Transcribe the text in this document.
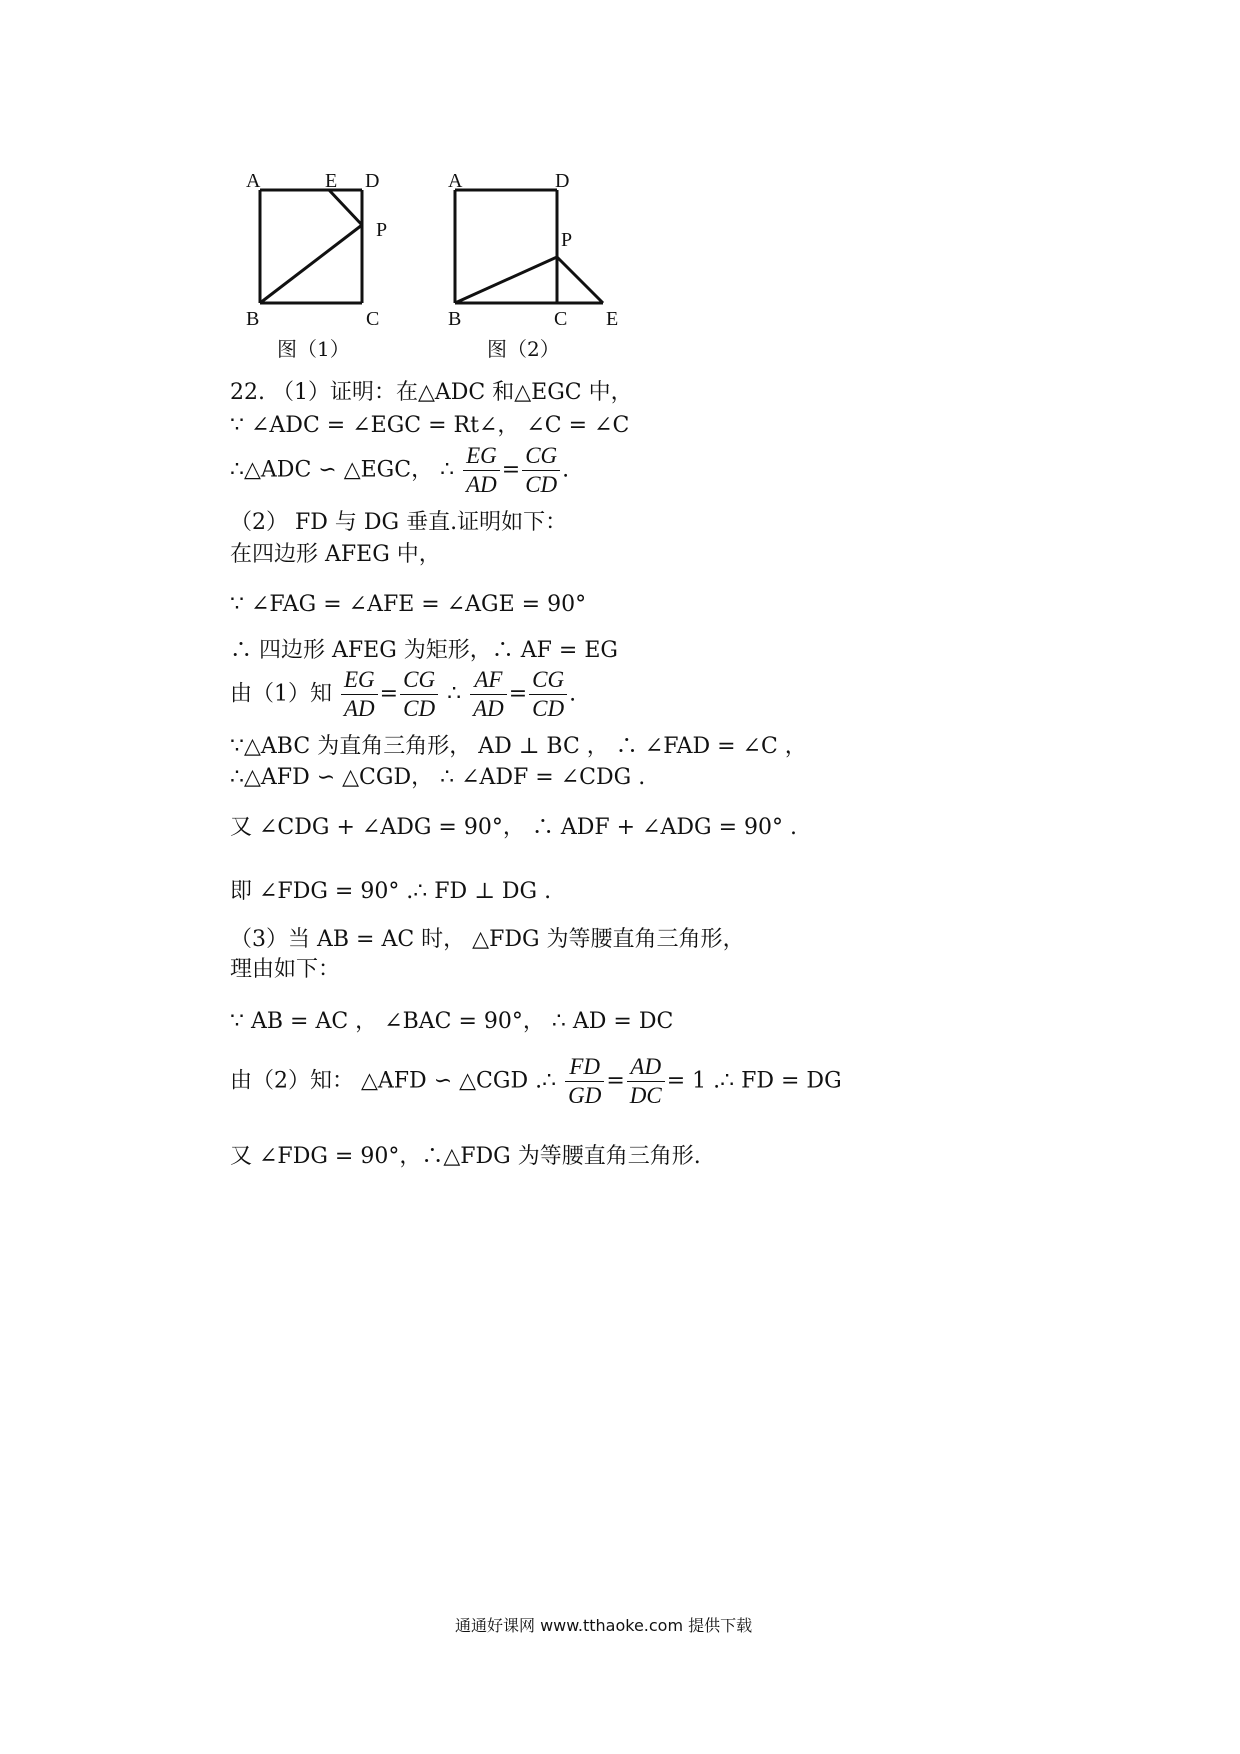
A	E D
P
B	C
图（1）
A	D
P
B	C E
图（2）
22. （1）证明：在△ADC 和△EGC 中，
∵ ∠ADC = ∠EGC = Rt∠， ∠C = ∠C
∴△ADC ∽ △EGC， ∴ $\frac{EG}{AD} = \frac{CG}{CD}$ .
（2） FD 与 DG 垂直.证明如下：
在四边形 AFEG 中，
∵ ∠FAG = ∠AFE = ∠AGE = 90°
∴ 四边形 AFEG 为矩形，∴ AF = EG
由（1）知 $\frac{EG}{AD} = \frac{CG}{CD}$ ∴ $\frac{AF}{AD} = \frac{CG}{CD}$ .
∵△ABC 为直角三角形， AD ⊥ BC ， ∴ ∠FAD = ∠C ，
∴△AFD ∽ △CGD， ∴ ∠ADF = ∠CDG .
又 ∠CDG + ∠ADG = 90°， ∴ ADF + ∠ADG = 90° .
即 ∠FDG = 90° .∴ FD ⊥ DG .
（3）当 AB = AC 时， △FDG 为等腰直角三角形，
理由如下：
∵ AB = AC ， ∠BAC = 90°， ∴ AD = DC
由（2）知： △AFD ∽ △CGD .∴ $\frac{FD}{GD} = \frac{AD}{DC} = 1$ .∴ FD = DG
又 ∠FDG = 90°，∴△FDG 为等腰直角三角形.
通通好课网 www.tthaoke.com 提供下载
